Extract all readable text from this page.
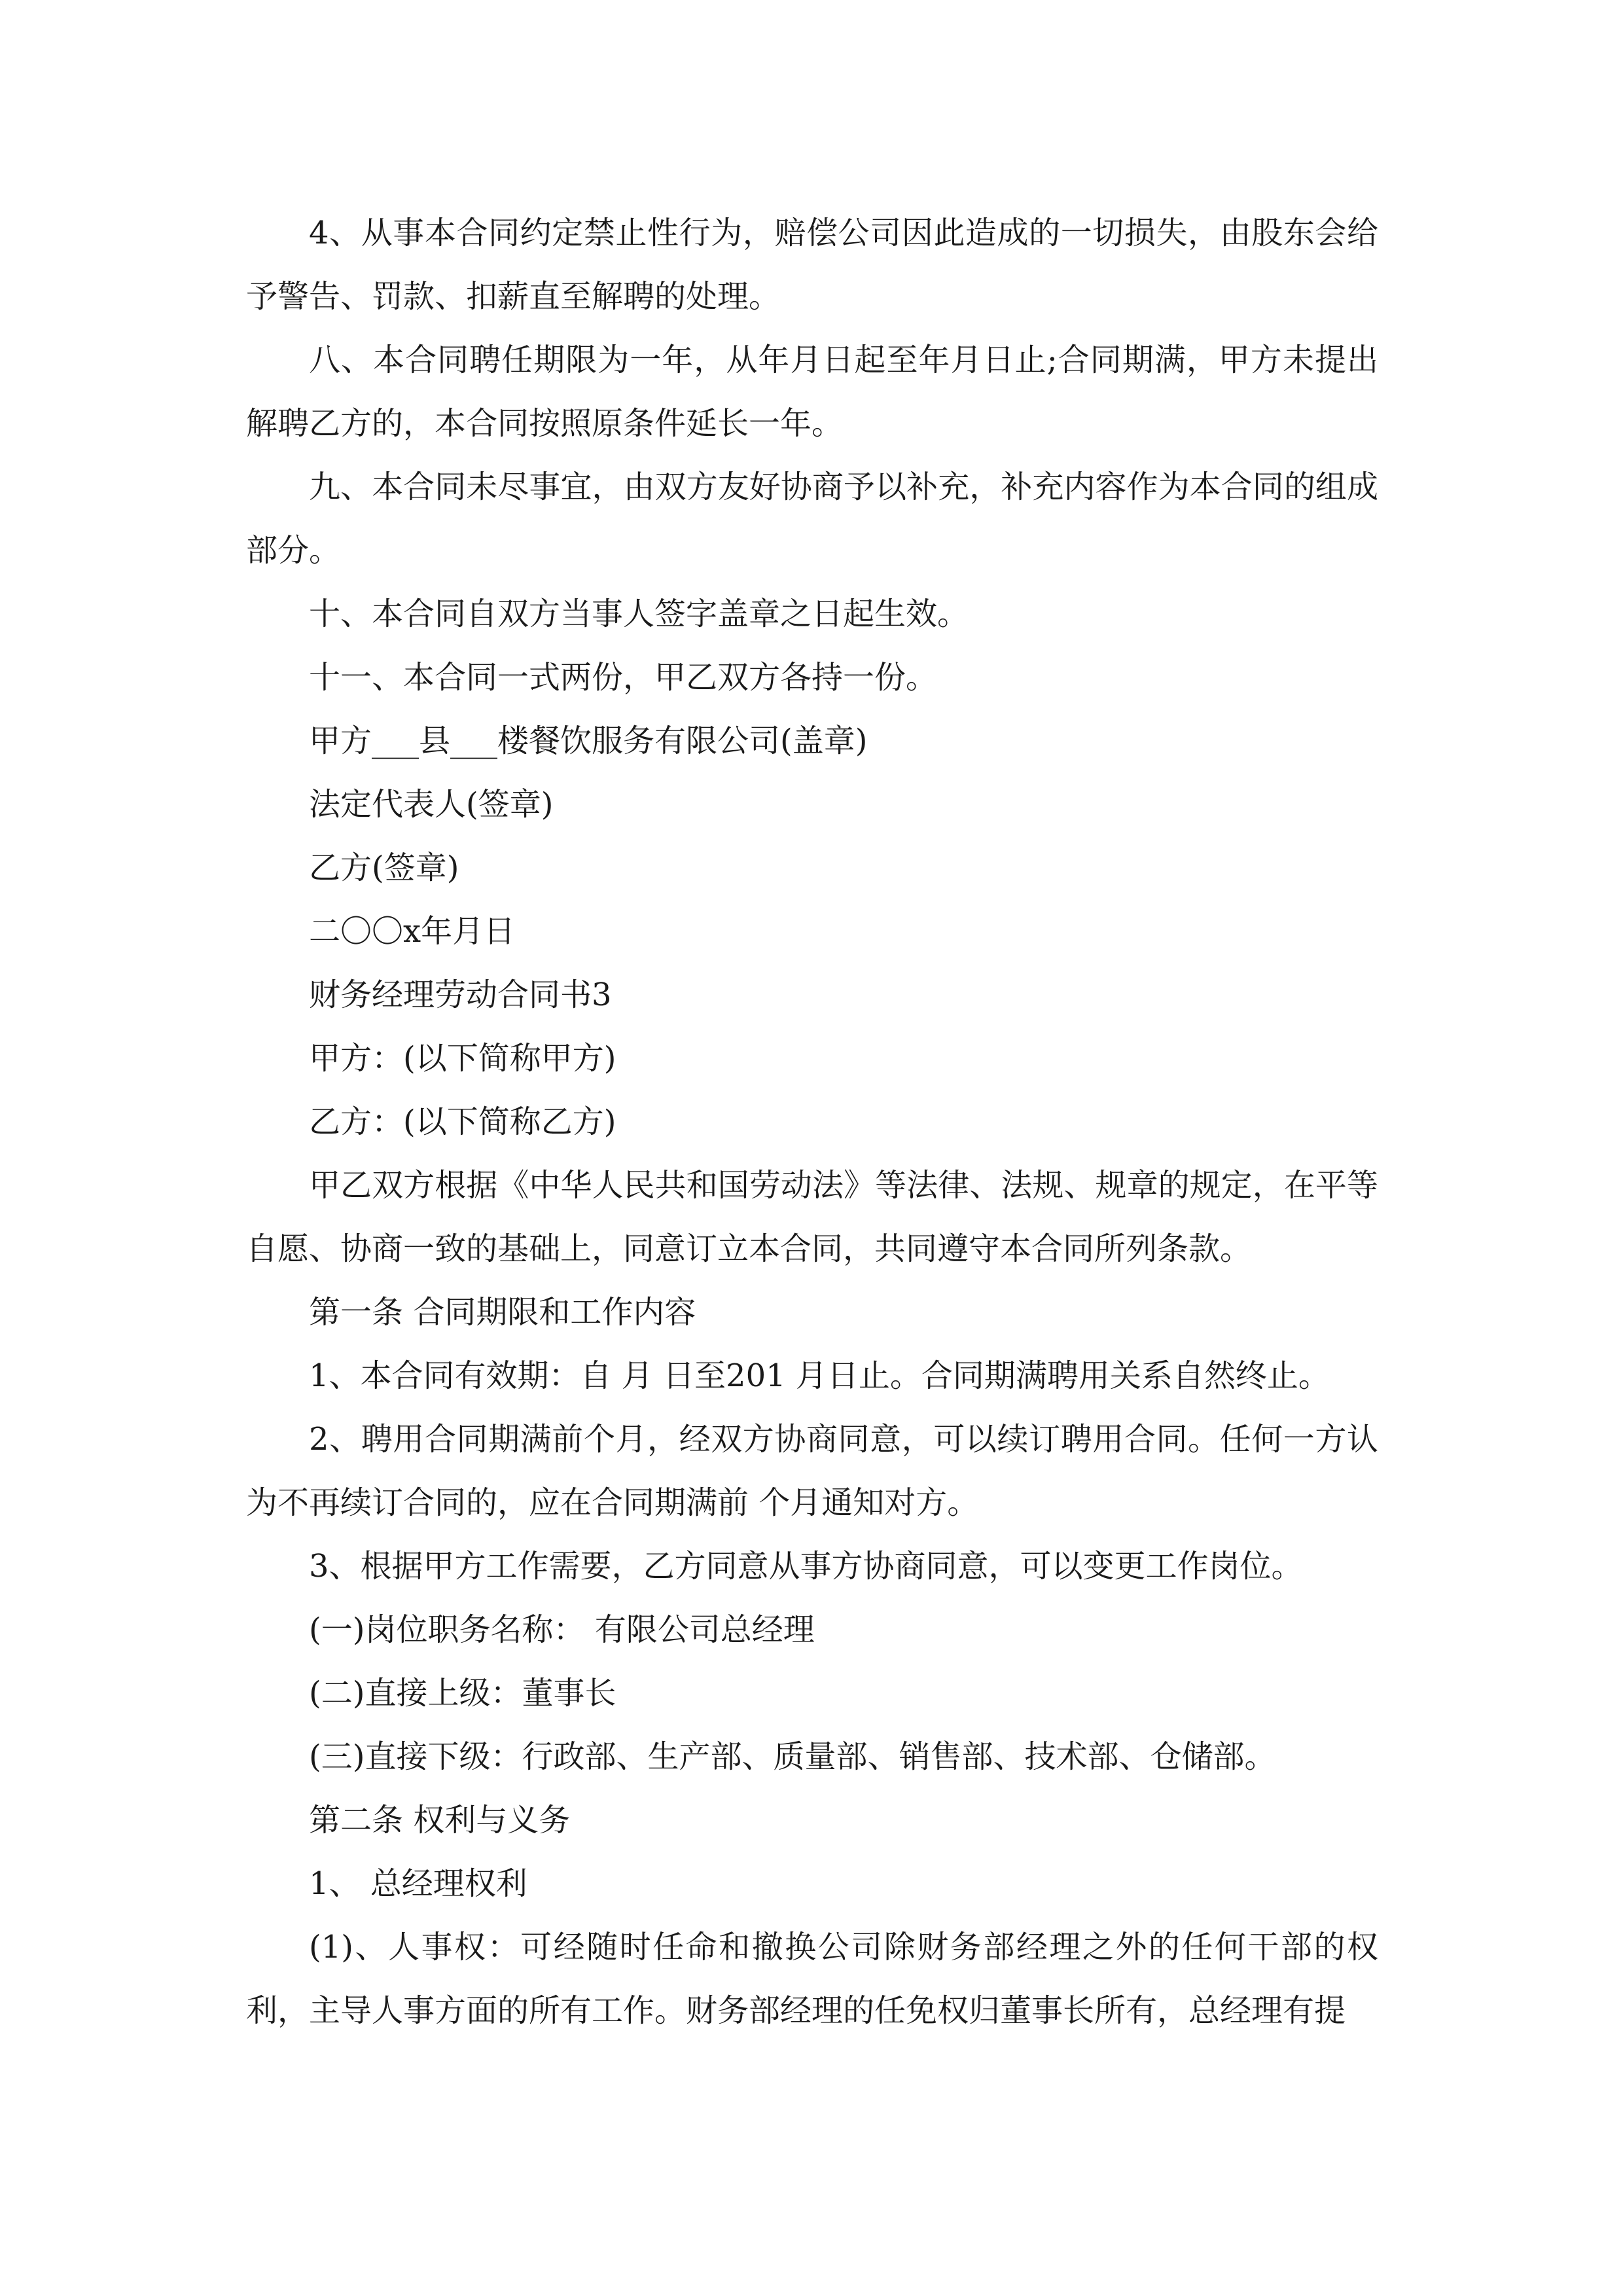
4、从事本合同约定禁止性行为，赔偿公司因此造成的一切损失，由股东会给予警告、罚款、扣薪直至解聘的处理。

八、本合同聘任期限为一年，从年月日起至年月日止;合同期满，甲方未提出解聘乙方的，本合同按照原条件延长一年。

九、本合同未尽事宜，由双方友好协商予以补充，补充内容作为本合同的组成部分。

十、本合同自双方当事人签字盖章之日起生效。

十一、本合同一式两份，甲乙双方各持一份。

甲方___县___楼餐饮服务有限公司(盖章)

法定代表人(签章)

乙方(签章)

二〇〇x年月日

财务经理劳动合同书3

甲方：(以下简称甲方)

乙方：(以下简称乙方)

甲乙双方根据《中华人民共和国劳动法》等法律、法规、规章的规定，在平等自愿、协商一致的基础上，同意订立本合同，共同遵守本合同所列条款。

第一条 合同期限和工作内容

1、本合同有效期：自 月 日至201 月日止。合同期满聘用关系自然终止。

2、聘用合同期满前个月，经双方协商同意，可以续订聘用合同。任何一方认为不再续订合同的，应在合同期满前 个月通知对方。

3、根据甲方工作需要，乙方同意从事方协商同意，可以变更工作岗位。

(一)岗位职务名称： 有限公司总经理

(二)直接上级：董事长

(三)直接下级：行政部、生产部、质量部、销售部、技术部、仓储部。

第二条 权利与义务

1、 总经理权利

(1)、人事权：可经随时任命和撤换公司除财务部经理之外的任何干部的权利，主导人事方面的所有工作。财务部经理的任免权归董事长所有，总经理有提
